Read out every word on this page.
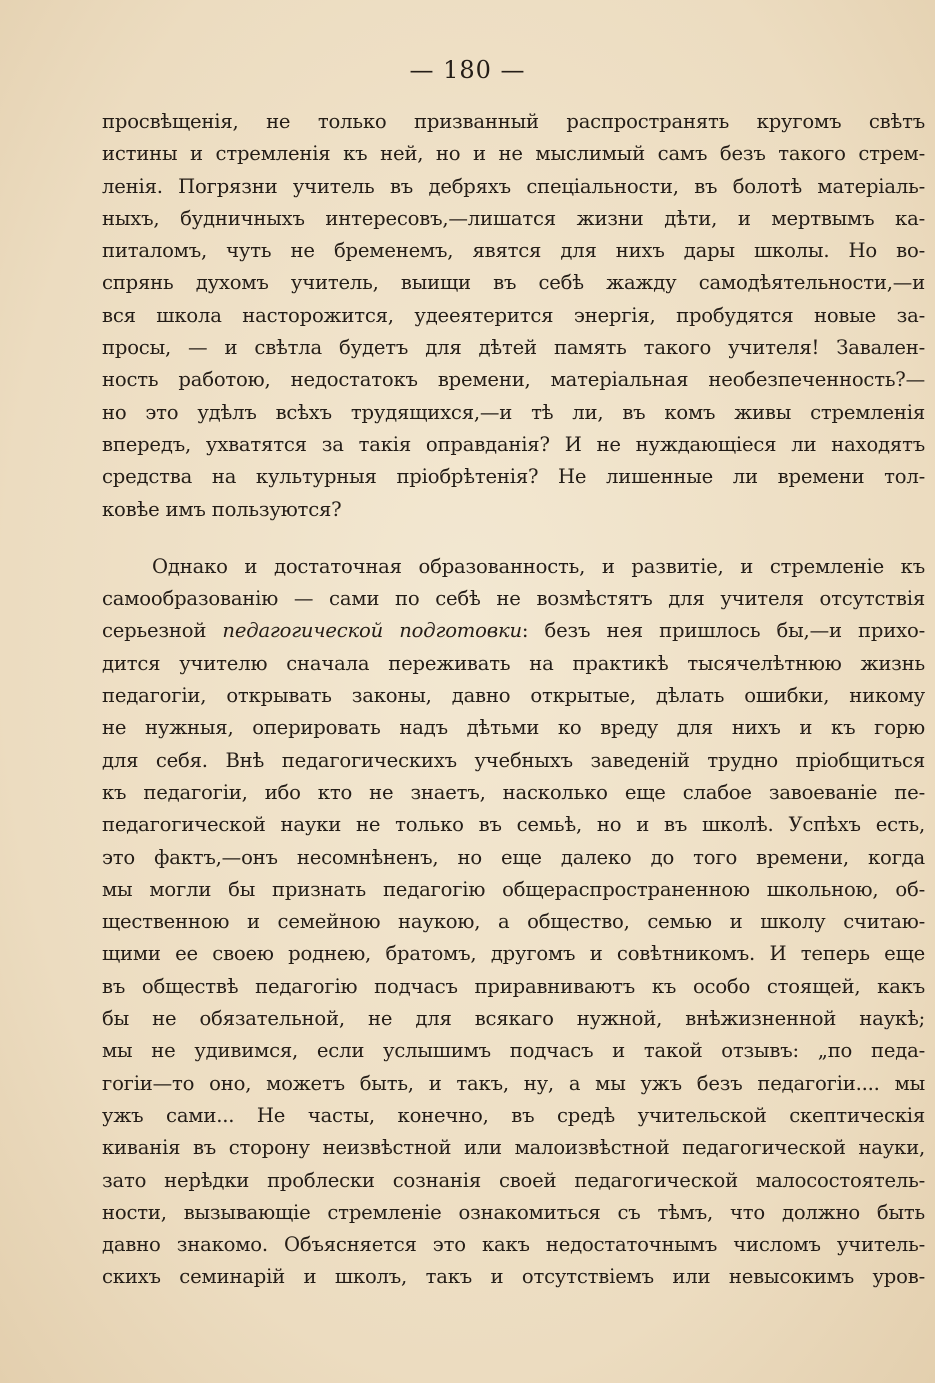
— 180 —
просвѣщенія, не только призванный распространять кругомъ свѣтъ
истины и стремленія къ ней, но и не мыслимый самъ безъ такого стрем-
ленія. Погрязни учитель въ дебряхъ спеціальности, въ болотѣ матеріаль-
ныхъ, будничныхъ интересовъ,—лишатся жизни дѣти, и мертвымъ ка-
питаломъ, чуть не бременемъ, явятся для нихъ дары школы. Но во-
спрянь духомъ учитель, выищи въ себѣ жажду самодѣятельности,—и
вся школа насторожится, удееятерится энергія, пробудятся новые за-
просы, — и свѣтла будетъ для дѣтей память такого учителя! Завален-
ность работою, недостатокъ времени, матеріальная необезпеченность?—
но это удѣлъ всѣхъ трудящихся,—и тѣ ли, въ комъ живы стремленія
впередъ, ухватятся за такія оправданія? И не нуждающіеся ли находятъ
средства на культурныя пріобрѣтенія? Не лишенные ли времени тол-
ковѣе имъ пользуются?
Однако и достаточная образованность, и развитіе, и стремленіе къ
самообразованію — сами по себѣ не возмѣстятъ для учителя отсутствія
серьезной педагогической подготовки: безъ нея пришлось бы,—и прихо-
дится учителю сначала переживать на практикѣ тысячелѣтнюю жизнь
педагогіи, открывать законы, давно открытые, дѣлать ошибки, никому
не нужныя, оперировать надъ дѣтьми ко вреду для нихъ и къ горю
для себя. Внѣ педагогическихъ учебныхъ заведеній трудно пріобщиться
къ педагогіи, ибо кто не знаетъ, насколько еще слабое завоеваніе пе-
педагогической науки не только въ семьѣ, но и въ школѣ. Успѣхъ есть,
это фактъ,—онъ несомнѣненъ, но еще далеко до того времени, когда
мы могли бы признать педагогію общераспространенною школьною, об-
щественною и семейною наукою, а общество, семью и школу считаю-
щими ее своею роднею, братомъ, другомъ и совѣтникомъ. И теперь еще
въ обществѣ педагогію подчасъ приравниваютъ къ особо стоящей, какъ
бы не обязательной, не для всякаго нужной, внѣжизненной наукѣ;
мы не удивимся, если услышимъ подчасъ и такой отзывъ: „по педа-
гогіи—то оно, можетъ быть, и такъ, ну, а мы ужъ безъ педагогіи.... мы
ужъ сами... Не часты, конечно, въ средѣ учительской скептическія
киванія въ сторону неизвѣстной или малоизвѣстной педагогической науки,
зато нерѣдки проблески сознанія своей педагогической малосостоятель-
ности, вызывающіе стремленіе ознакомиться съ тѣмъ, что должно быть
давно знакомо. Объясняется это какъ недостаточнымъ числомъ учитель-
скихъ семинарій и школъ, такъ и отсутствіемъ или невысокимъ уров-
